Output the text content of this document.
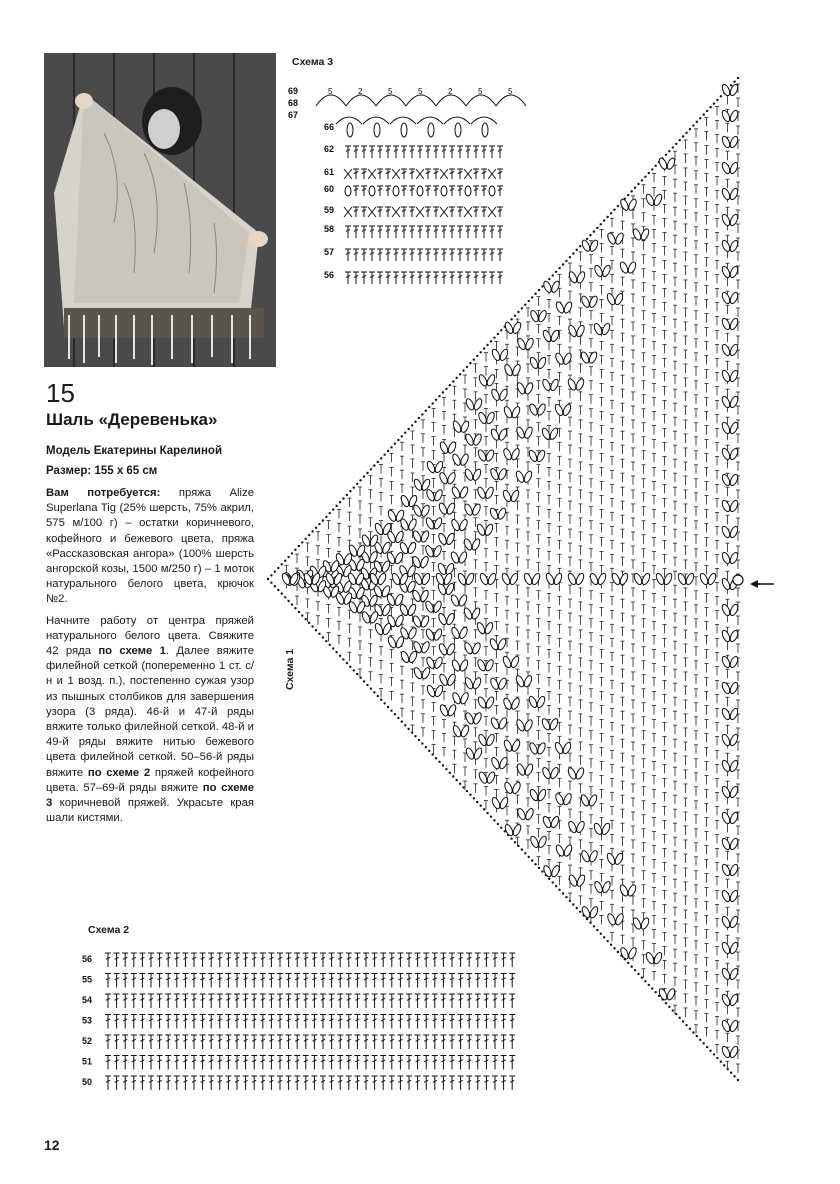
15
Шаль «Деревенька»
Модель Екатерины Карелиной
Размер: 155 х 65 см

Вам потребуется: пряжа Alize Superlana Tig (25% шерсть, 75% акрил, 575 м/100 г) – остатки коричневого, кофейного и бежевого цвета, пряжа «Рассказовская ангора» (100% шерсть ангорской козы, 1500 м/250 г) – 1 моток натурального белого цвета, крючок №2.

Начните работу от центра пряжей натурального белого цвета. Свяжите 42 ряда по схеме 1. Далее вяжите филейной сеткой (попеременно 1 ст. с/н и 1 возд. п.), постепенно сужая узор из пышных столбиков для завершения узора (3 ряда). 46-й и 47-й ряды вяжите только филейной сеткой. 48-й и 49-й ряды вяжите нитью бежевого цвета филейной сеткой. 50–56-й ряды вяжите по схеме 2 пряжей кофейного цвета. 57–69-й ряды вяжите по схеме 3 коричневой пряжей. Украсьте края шали кистями.

Схема 3
Схема 2
Схема 1
69
68
67
66
62
61
60
59
58
57
56
5	2	5	5	2	5	5
56
55
54
53
52
51
50
12
